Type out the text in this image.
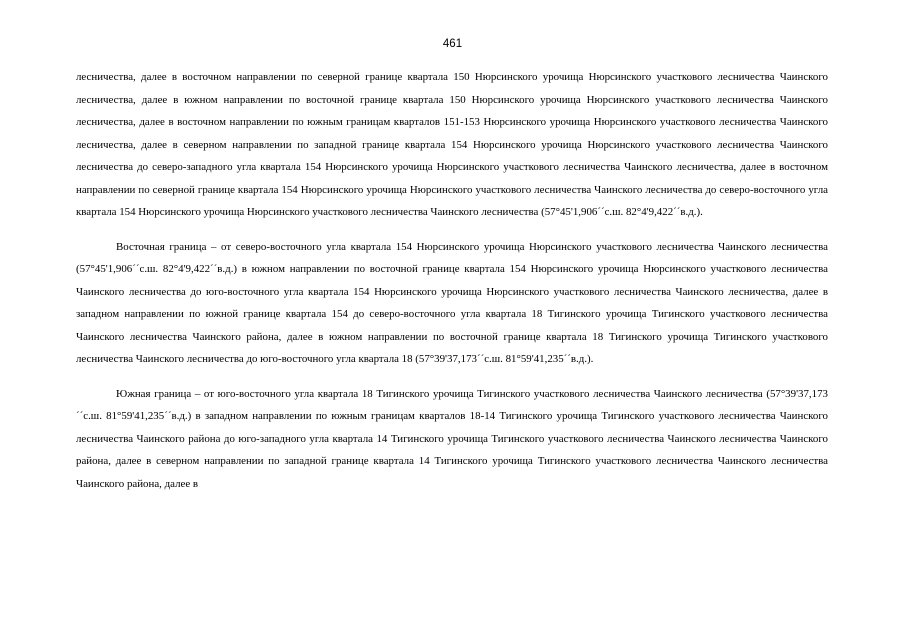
461

лесничества, далее в восточном направлении по северной границе квартала 150 Нюрсинского урочища Нюрсинского участкового лесничества Чаинского лесничества, далее в южном направлении по восточной границе квартала 150 Нюрсинского урочища Нюрсинского участкового лесничества Чаинского лесничества, далее в восточном направлении по южным границам кварталов 151-153 Нюрсинского урочища Нюрсинского участкового лесничества Чаинского лесничества, далее в северном направлении по западной границе квартала 154 Нюрсинского урочища Нюрсинского участкового лесничества Чаинского лесничества до северо-западного угла квартала 154 Нюрсинского урочища Нюрсинского участкового лесничества Чаинского лесничества, далее в восточном направлении по северной границе квартала 154 Нюрсинского урочища Нюрсинского участкового лесничества Чаинского лесничества до северо-восточного угла квартала 154 Нюрсинского урочища Нюрсинского участкового лесничества Чаинского лесничества (57°45'1,906´´с.ш. 82°4'9,422´´в.д.).

Восточная граница – от северо-восточного угла квартала 154 Нюрсинского урочища Нюрсинского участкового лесничества Чаинского лесничества (57°45'1,906´´с.ш. 82°4'9,422´´в.д.) в южном направлении по восточной границе квартала 154 Нюрсинского урочища Нюрсинского участкового лесничества Чаинского лесничества до юго-восточного угла квартала 154 Нюрсинского урочища Нюрсинского участкового лесничества Чаинского лесничества, далее в западном направлении по южной границе квартала 154 до северо-восточного угла квартала 18 Тигинского урочища Тигинского участкового лесничества Чаинского лесничества Чаинского района, далее в южном направлении по восточной границе квартала 18 Тигинского урочища Тигинского участкового лесничества Чаинского лесничества до юго-восточного угла квартала 18 (57°39'37,173´´с.ш. 81°59'41,235´´в.д.).

Южная граница – от юго-восточного угла квартала 18 Тигинского урочища Тигинского участкового лесничества Чаинского лесничества (57°39'37,173´´с.ш. 81°59'41,235´´в.д.) в западном направлении по южным границам кварталов 18-14 Тигинского урочища Тигинского участкового лесничества Чаинского лесничества Чаинского района до юго-западного угла квартала 14 Тигинского урочища Тигинского участкового лесничества Чаинского лесничества Чаинского района, далее в северном направлении по западной границе квартала 14 Тигинского урочища Тигинского участкового лесничества Чаинского лесничества Чаинского района, далее в
